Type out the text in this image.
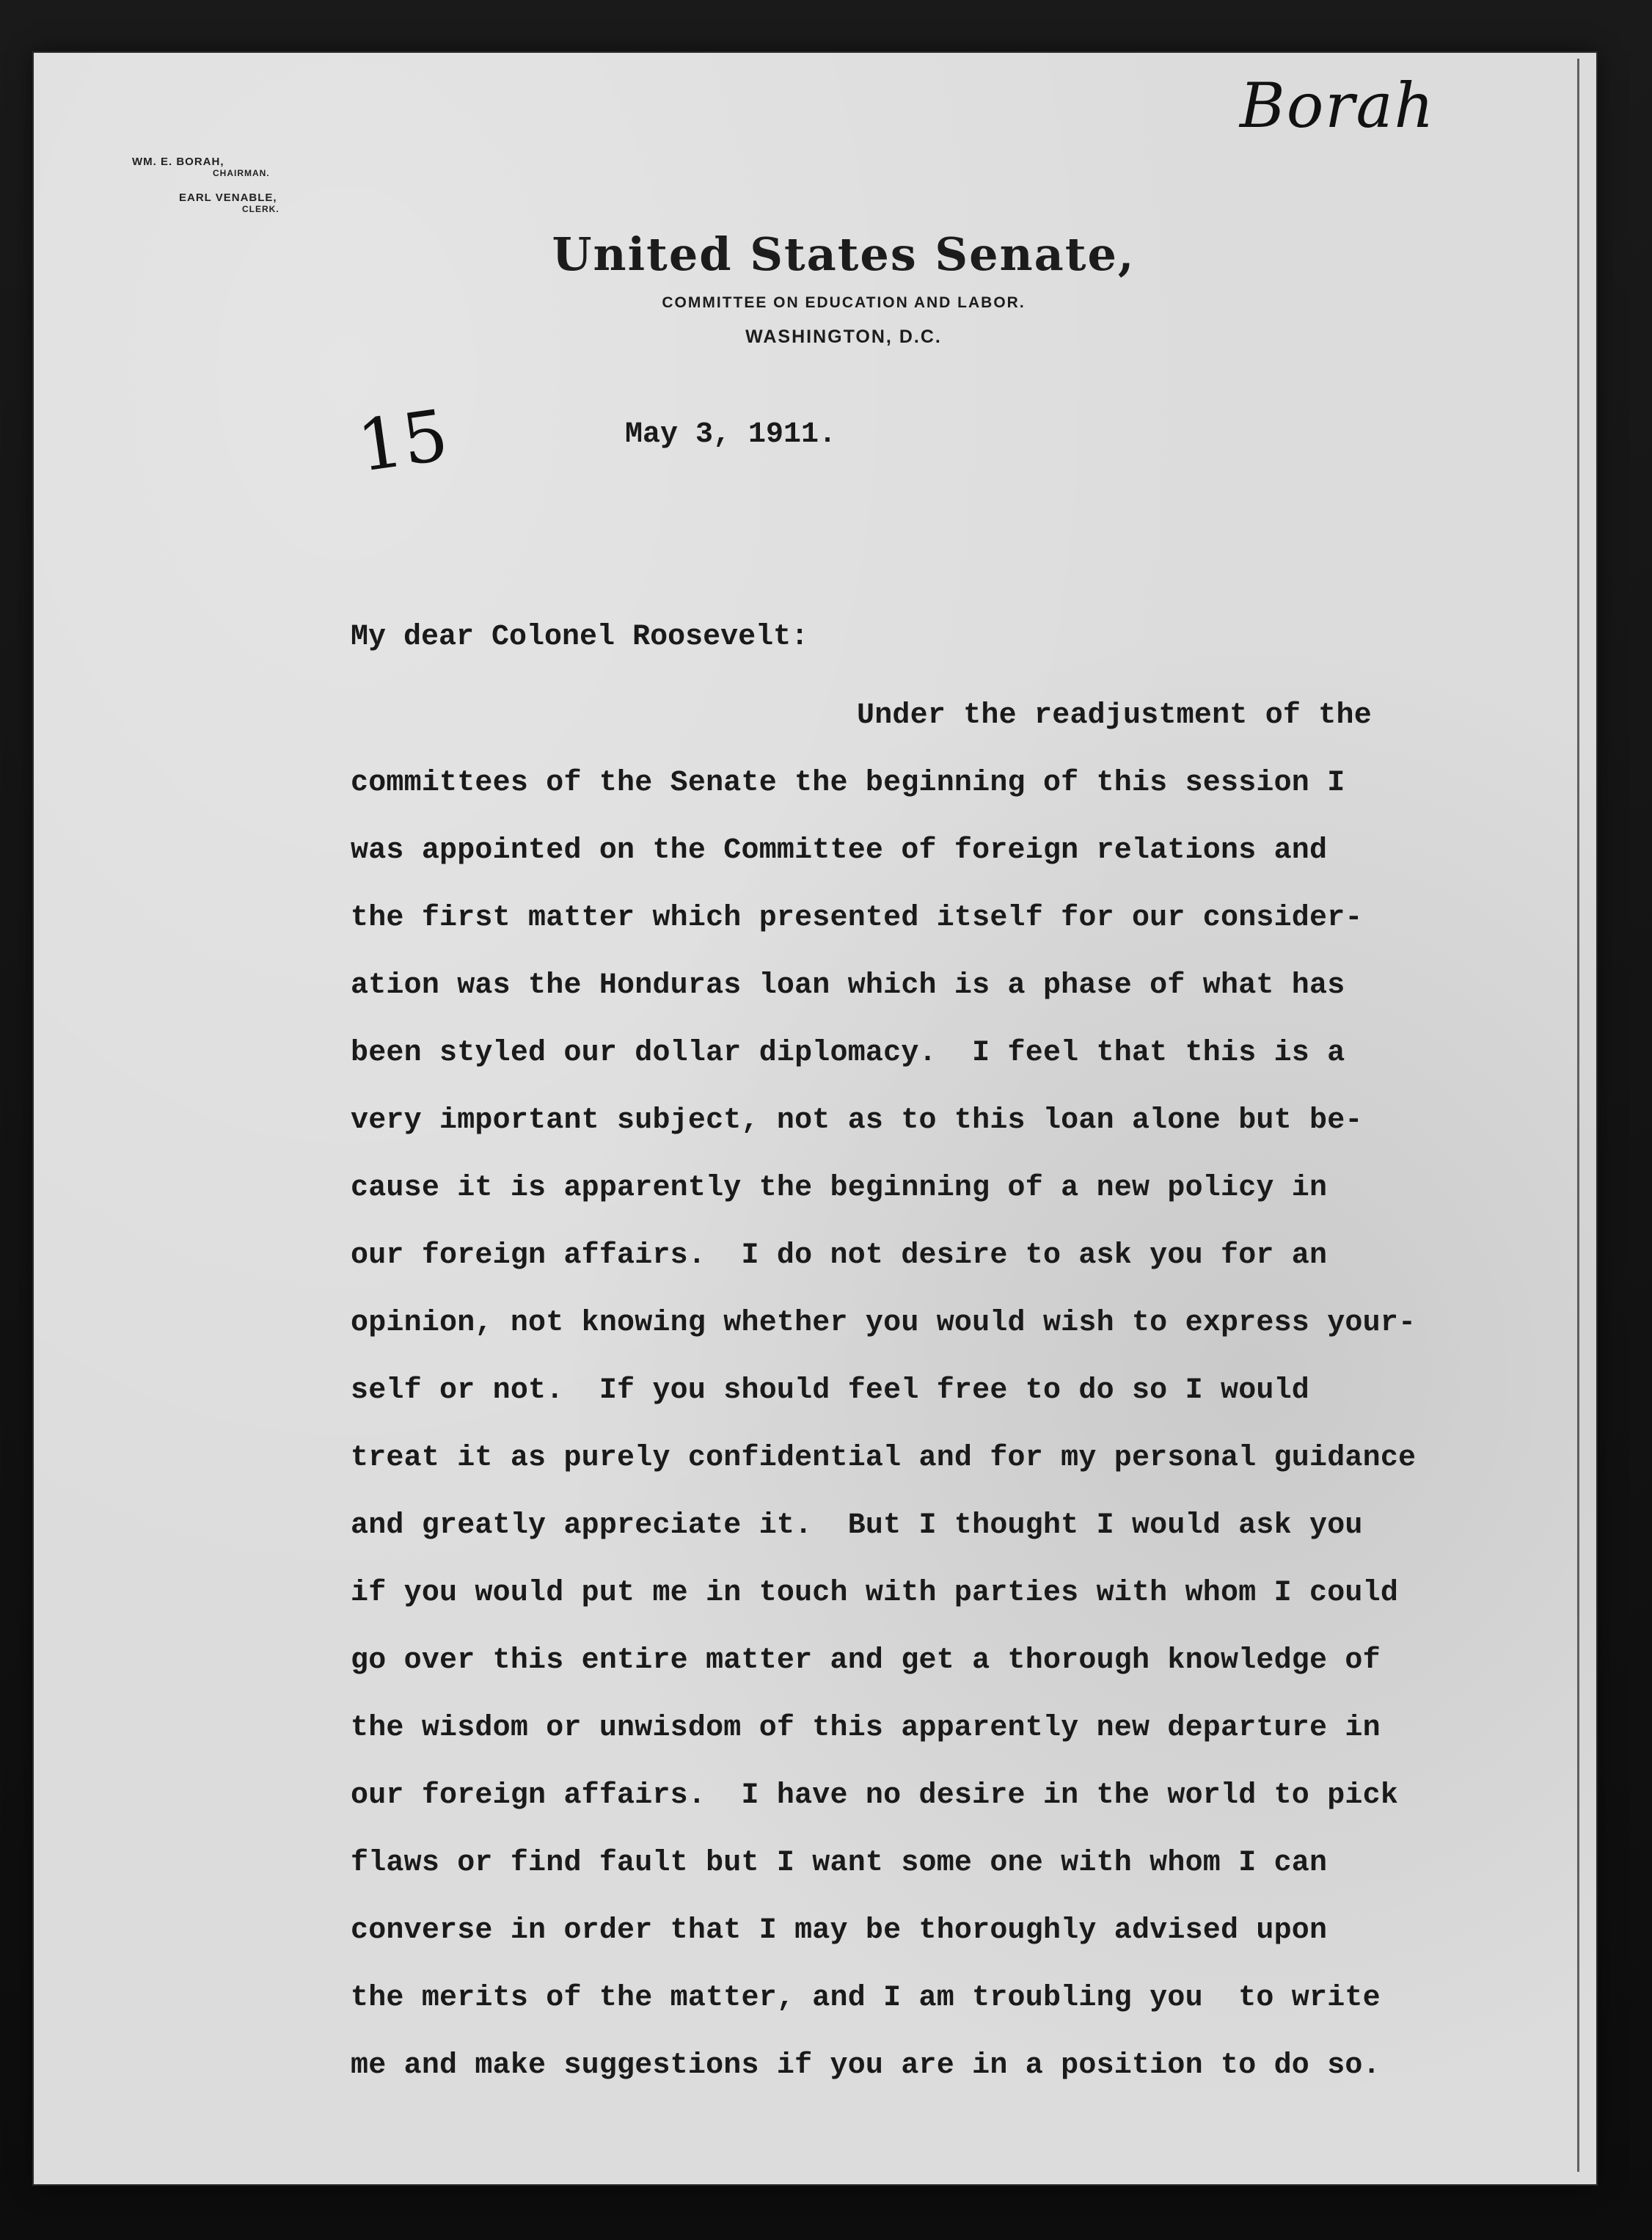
WM. E. BORAH,
CHAIRMAN.
EARL VENABLE,
CLERK.
Borah
15
United States Senate,
COMMITTEE ON EDUCATION AND LABOR.
WASHINGTON, D.C.
May 3, 1911.
My dear Colonel Roosevelt:
Under the readjustment of the
committees of the Senate the beginning of this session I
was appointed on the Committee of foreign relations and
the first matter which presented itself for our consider-
ation was the Honduras loan which is a phase of what has
been styled our dollar diplomacy.  I feel that this is a
very important subject, not as to this loan alone but be-
cause it is apparently the beginning of a new policy in
our foreign affairs.  I do not desire to ask you for an
opinion, not knowing whether you would wish to express your-
self or not.  If you should feel free to do so I would
treat it as purely confidential and for my personal guidance
and greatly appreciate it.  But I thought I would ask you
if you would put me in touch with parties with whom I could
go over this entire matter and get a thorough knowledge of
the wisdom or unwisdom of this apparently new departure in
our foreign affairs.  I have no desire in the world to pick
flaws or find fault but I want some one with whom I can
converse in order that I may be thoroughly advised upon
the merits of the matter, and I am troubling you  to write
me and make suggestions if you are in a position to do so.
